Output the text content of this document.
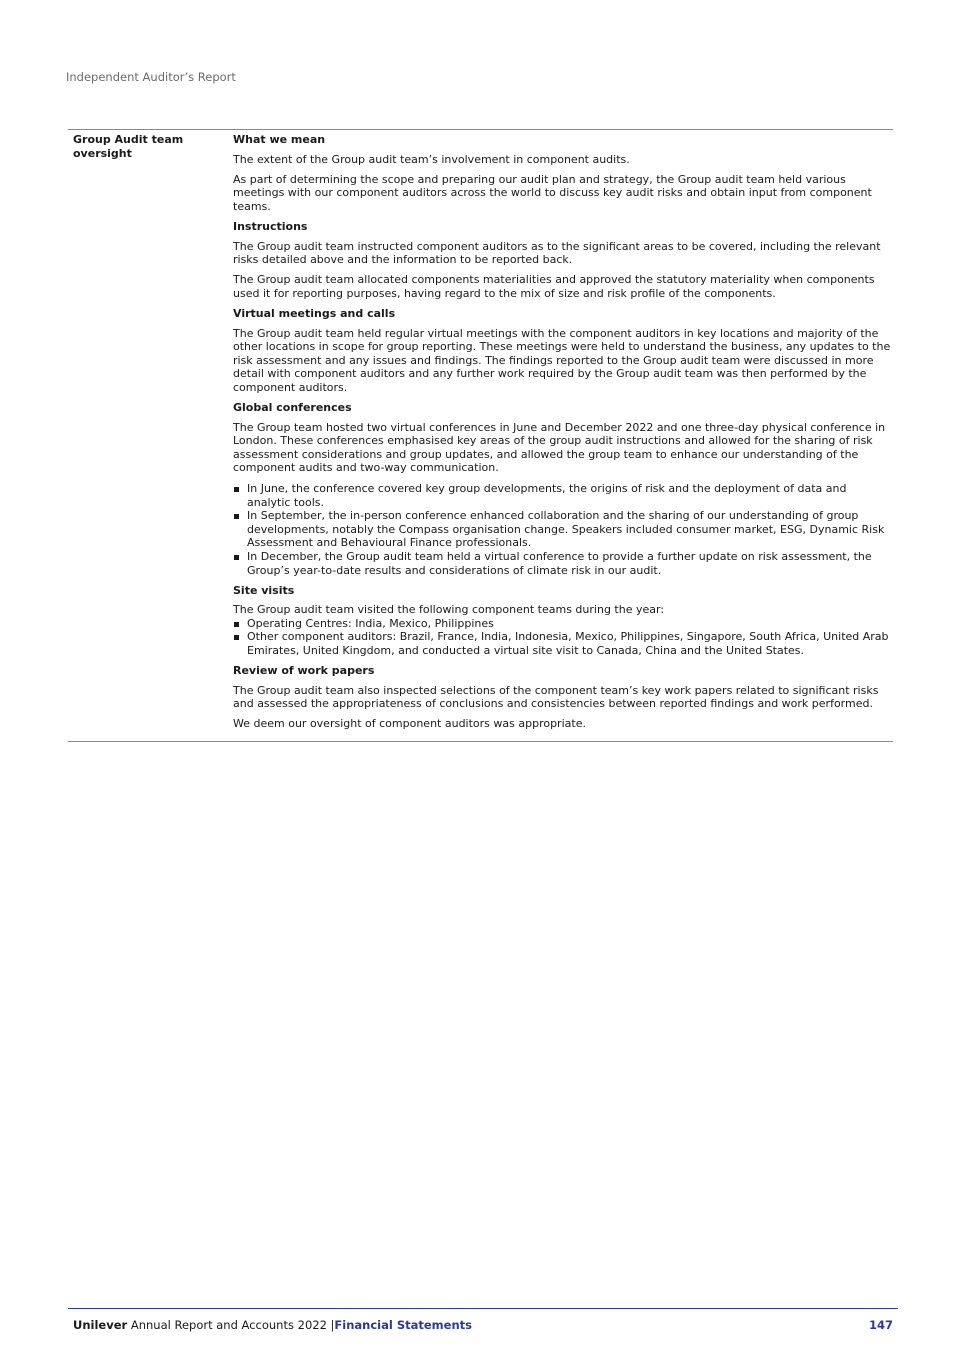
Independent Auditor’s Report
Group Audit team oversight
What we mean

The extent of the Group audit team’s involvement in component audits.

As part of determining the scope and preparing our audit plan and strategy, the Group audit team held various meetings with our component auditors across the world to discuss key audit risks and obtain input from component teams.

Instructions

The Group audit team instructed component auditors as to the significant areas to be covered, including the relevant risks detailed above and the information to be reported back.

The Group audit team allocated components materialities and approved the statutory materiality when components used it for reporting purposes, having regard to the mix of size and risk profile of the components.

Virtual meetings and calls

The Group audit team held regular virtual meetings with the component auditors in key locations and majority of the other locations in scope for group reporting. These meetings were held to understand the business, any updates to the risk assessment and any issues and findings. The findings reported to the Group audit team were discussed in more detail with component auditors and any further work required by the Group audit team was then performed by the component auditors.

Global conferences

The Group team hosted two virtual conferences in June and December 2022 and one three-day physical conference in London. These conferences emphasised key areas of the group audit instructions and allowed for the sharing of risk assessment considerations and group updates, and allowed the group team to enhance our understanding of the component audits and two-way communication.

In June, the conference covered key group developments, the origins of risk and the deployment of data and analytic tools.
In September, the in-person conference enhanced collaboration and the sharing of our understanding of group developments, notably the Compass organisation change. Speakers included consumer market, ESG, Dynamic Risk Assessment and Behavioural Finance professionals.
In December, the Group audit team held a virtual conference to provide a further update on risk assessment, the Group’s year-to-date results and considerations of climate risk in our audit.
Site visits

The Group audit team visited the following component teams during the year:

Operating Centres: India, Mexico, Philippines
Other component auditors: Brazil, France, India, Indonesia, Mexico, Philippines, Singapore, South Africa, United Arab Emirates, United Kingdom, and conducted a virtual site visit to Canada, China and the United States.
Review of work papers

The Group audit team also inspected selections of the component team’s key work papers related to significant risks and assessed the appropriateness of conclusions and consistencies between reported findings and work performed.

We deem our oversight of component auditors was appropriate.

Unilever Annual Report and Accounts 2022 |Financial Statements	147
